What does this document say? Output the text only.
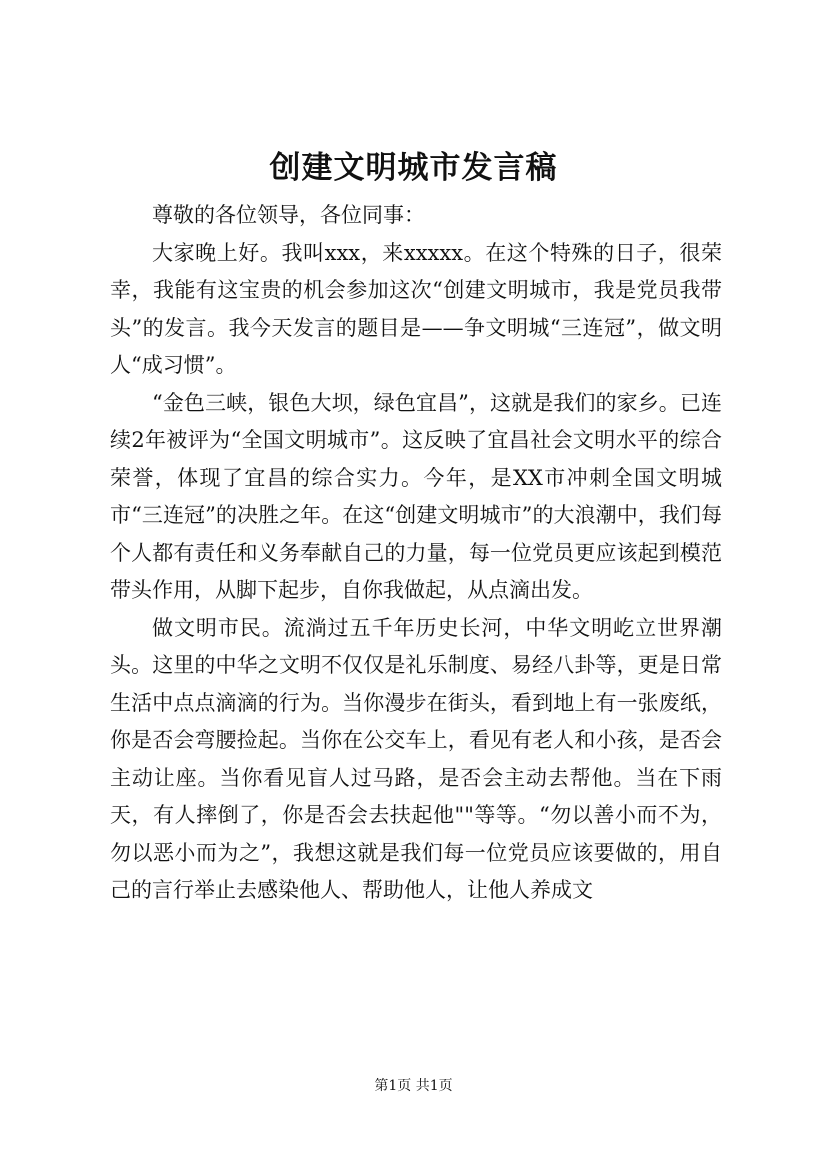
创建文明城市发言稿

尊敬的各位领导，各位同事：

大家晚上好。我叫xxx，来xxxxx。在这个特殊的日子，很荣幸，我能有这宝贵的机会参加这次“创建文明城市，我是党员我带头”的发言。我今天发言的题目是——争文明城“三连冠”，做文明人“成习惯”。

“金色三峡，银色大坝，绿色宜昌”，这就是我们的家乡。已连续2年被评为“全国文明城市”。这反映了宜昌社会文明水平的综合荣誉，体现了宜昌的综合实力。今年，是XX市冲刺全国文明城市“三连冠”的决胜之年。在这“创建文明城市”的大浪潮中，我们每个人都有责任和义务奉献自己的力量，每一位党员更应该起到模范带头作用，从脚下起步，自你我做起，从点滴出发。

做文明市民。流淌过五千年历史长河，中华文明屹立世界潮头。这里的中华之文明不仅仅是礼乐制度、易经八卦等，更是日常生活中点点滴滴的行为。当你漫步在街头，看到地上有一张废纸，你是否会弯腰捡起。当你在公交车上，看见有老人和小孩，是否会主动让座。当你看见盲人过马路，是否会主动去帮他。当在下雨天，有人摔倒了，你是否会去扶起他""等等。“勿以善小而不为，勿以恶小而为之”，我想这就是我们每一位党员应该要做的，用自己的言行举止去感染他人、帮助他人，让他人养成文

第1页 共1页
